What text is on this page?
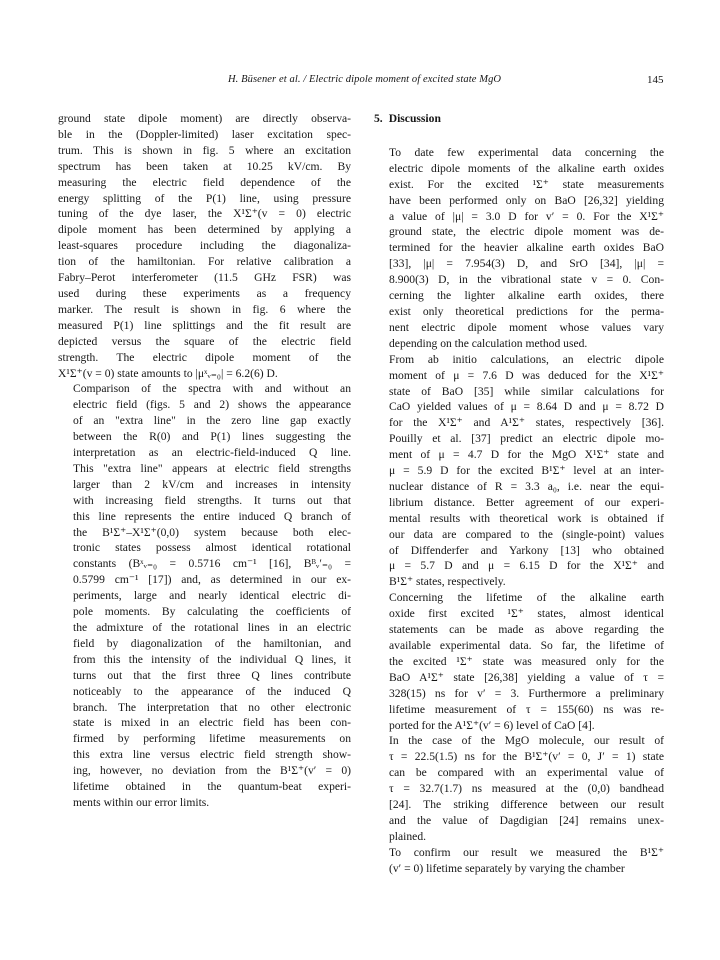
H. Büsener et al. / Electric dipole moment of excited state MgO	145

ground state dipole moment) are directly observa-
ble in the (Doppler-limited) laser excitation spec-
trum. This is shown in fig. 5 where an excitation
spectrum has been taken at 10.25 kV/cm. By
measuring the electric field dependence of the
energy splitting of the P(1) line, using pressure
tuning of the dye laser, the X¹Σ⁺(v = 0) electric
dipole moment has been determined by applying a
least-squares procedure including the diagonaliza-
tion of the hamiltonian. For relative calibration a
Fabry–Perot interferometer (11.5 GHz FSR) was
used during these experiments as a frequency
marker. The result is shown in fig. 6 where the
measured P(1) line splittings and the fit result are
depicted versus the square of the electric field
strength. The electric dipole moment of the
X¹Σ⁺(v = 0) state amounts to |μˣᵥ₌₀| = 6.2(6) D.

Comparison of the spectra with and without an
electric field (figs. 5 and 2) shows the appearance
of an "extra line" in the zero line gap exactly
between the R(0) and P(1) lines suggesting the
interpretation as an electric-field-induced Q line.
This "extra line" appears at electric field strengths
larger than 2 kV/cm and increases in intensity
with increasing field strengths. It turns out that
this line represents the entire induced Q branch of
the B¹Σ⁺–X¹Σ⁺(0,0) system because both elec-
tronic states possess almost identical rotational
constants (Bˣᵥ₌₀ = 0.5716 cm⁻¹ [16], Bᴮᵥ′₌₀ =
0.5799 cm⁻¹ [17]) and, as determined in our ex-
periments, large and nearly identical electric di-
pole moments. By calculating the coefficients of
the admixture of the rotational lines in an electric
field by diagonalization of the hamiltonian, and
from this the intensity of the individual Q lines, it
turns out that the first three Q lines contribute
noticeably to the appearance of the induced Q
branch. The interpretation that no other electronic
state is mixed in an electric field has been con-
firmed by performing lifetime measurements on
this extra line versus electric field strength show-
ing, however, no deviation from the B¹Σ⁺(v′ = 0)
lifetime obtained in the quantum-beat experi-
ments within our error limits.

5. Discussion

To date few experimental data concerning the
electric dipole moments of the alkaline earth oxides
exist. For the excited ¹Σ⁺ state measurements
have been performed only on BaO [26,32] yielding
a value of |μ| = 3.0 D for v′ = 0. For the X¹Σ⁺
ground state, the electric dipole moment was de-
termined for the heavier alkaline earth oxides BaO
[33], |μ| = 7.954(3) D, and SrO [34], |μ| =
8.900(3) D, in the vibrational state v = 0. Con-
cerning the lighter alkaline earth oxides, there
exist only theoretical predictions for the perma-
nent electric dipole moment whose values vary
depending on the calculation method used.

From ab initio calculations, an electric dipole
moment of μ = 7.6 D was deduced for the X¹Σ⁺
state of BaO [35] while similar calculations for
CaO yielded values of μ = 8.64 D and μ = 8.72 D
for the X¹Σ⁺ and A¹Σ⁺ states, respectively [36].
Pouilly et al. [37] predict an electric dipole mo-
ment of μ = 4.7 D for the MgO X¹Σ⁺ state and
μ = 5.9 D for the excited B¹Σ⁺ level at an inter-
nuclear distance of R = 3.3 a₀, i.e. near the equi-
librium distance. Better agreement of our experi-
mental results with theoretical work is obtained if
our data are compared to the (single-point) values
of Diffenderfer and Yarkony [13] who obtained
μ = 5.7 D and μ = 6.15 D for the X¹Σ⁺ and
B¹Σ⁺ states, respectively.

Concerning the lifetime of the alkaline earth
oxide first excited ¹Σ⁺ states, almost identical
statements can be made as above regarding the
available experimental data. So far, the lifetime of
the excited ¹Σ⁺ state was measured only for the
BaO A¹Σ⁺ state [26,38] yielding a value of τ =
328(15) ns for v′ = 3. Furthermore a preliminary
lifetime measurement of τ = 155(60) ns was re-
ported for the A¹Σ⁺(v′ = 6) level of CaO [4].

In the case of the MgO molecule, our result of
τ = 22.5(1.5) ns for the B¹Σ⁺(v′ = 0, J′ = 1) state
can be compared with an experimental value of
τ = 32.7(1.7) ns measured at the (0,0) bandhead
[24]. The striking difference between our result
and the value of Dagdigian [24] remains unex-
plained.

To confirm our result we measured the B¹Σ⁺
(v′ = 0) lifetime separately by varying the chamber
